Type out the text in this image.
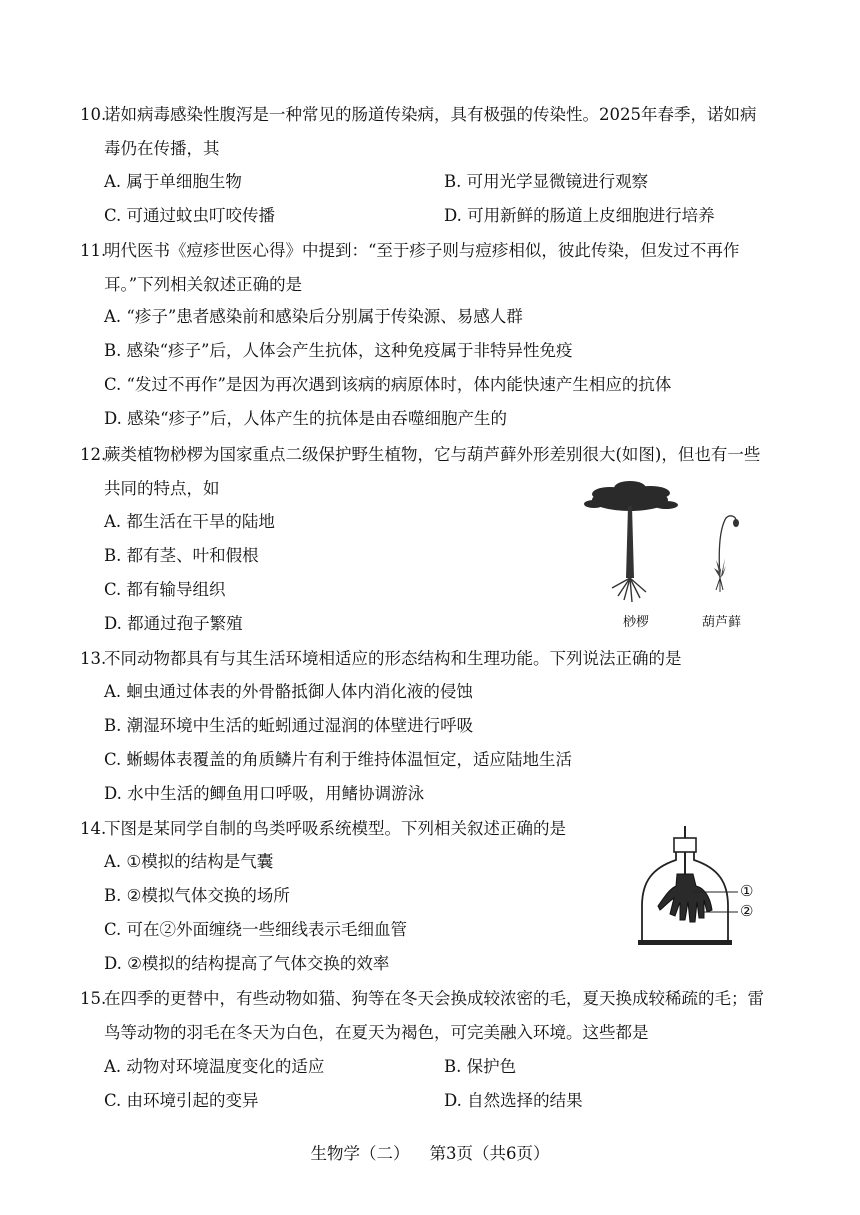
10.诺如病毒感染性腹泻是一种常见的肠道传染病，具有极强的传染性。2025年春季，诺如病毒仍在传播，其

A. 属于单细胞生物	B. 可用光学显微镜进行观察
C. 可通过蚊虫叮咬传播	D. 可用新鲜的肠道上皮细胞进行培养

11.明代医书《痘疹世医心得》中提到：“至于疹子则与痘疹相似，彼此传染，但发过不再作耳。”下列相关叙述正确的是

A. “疹子”患者感染前和感染后分别属于传染源、易感人群
B. 感染“疹子”后，人体会产生抗体，这种免疫属于非特异性免疫
C. “发过不再作”是因为再次遇到该病的病原体时，体内能快速产生相应的抗体
D. 感染“疹子”后，人体产生的抗体是由吞噬细胞产生的

12.蕨类植物桫椤为国家重点二级保护野生植物，它与葫芦藓外形差别很大(如图)，但也有一些共同的特点，如

A. 都生活在干旱的陆地
B. 都有茎、叶和假根
C. 都有输导组织
D. 都通过孢子繁殖	桫椤	葫芦藓

13.不同动物都具有与其生活环境相适应的形态结构和生理功能。下列说法正确的是

A. 蛔虫通过体表的外骨骼抵御人体内消化液的侵蚀
B. 潮湿环境中生活的蚯蚓通过湿润的体壁进行呼吸
C. 蜥蜴体表覆盖的角质鳞片有利于维持体温恒定，适应陆地生活
D. 水中生活的鲫鱼用口呼吸，用鳍协调游泳

14.下图是某同学自制的鸟类呼吸系统模型。下列相关叙述正确的是

A. ①模拟的结构是气囊
B. ②模拟气体交换的场所
C. 可在②外面缠绕一些细线表示毛细血管
D. ②模拟的结构提高了气体交换的效率
①
②

15.在四季的更替中，有些动物如猫、狗等在冬天会换成较浓密的毛，夏天换成较稀疏的毛；雷鸟等动物的羽毛在冬天为白色，在夏天为褐色，可完美融入环境。这些都是

A. 动物对环境温度变化的适应	B. 保护色
C. 由环境引起的变异	D. 自然选择的结果
生物学（二） 第3页（共6页）
